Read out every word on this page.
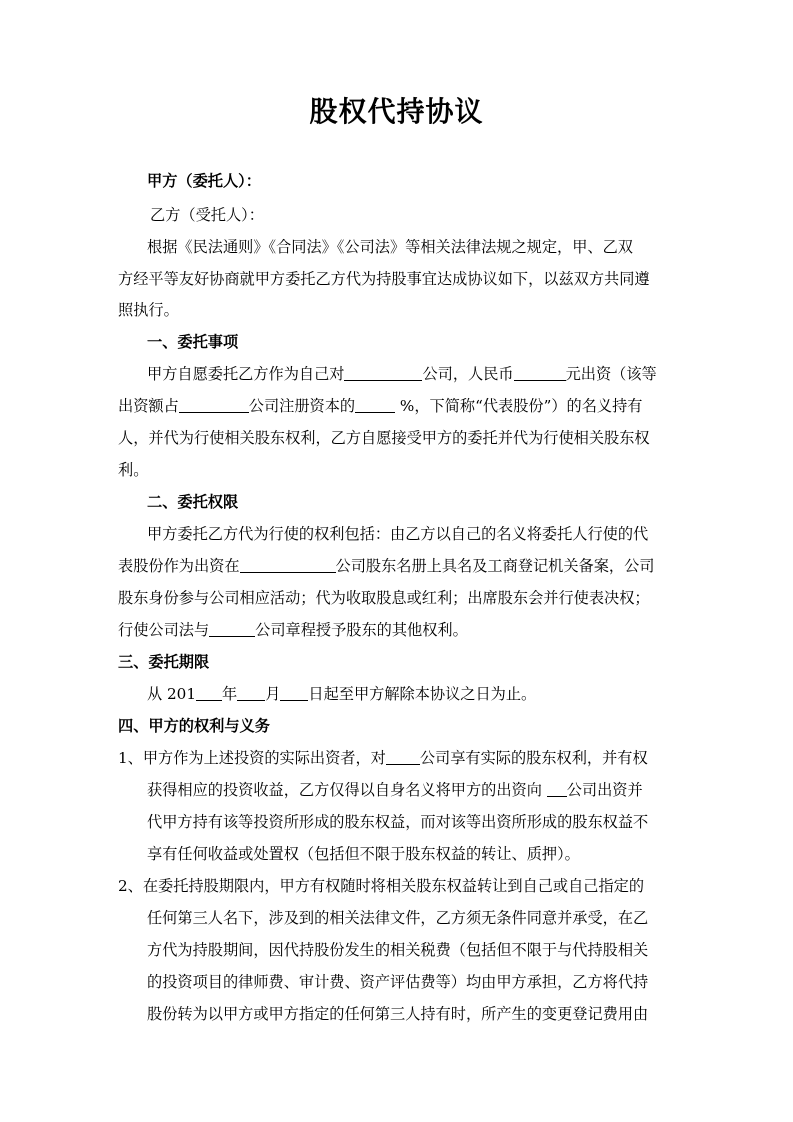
股权代持协议
甲方（委托人）：
乙方（受托人）：
根据《民法通则》《合同法》《公司法》等相关法律法规之规定，甲、乙双
方经平等友好协商就甲方委托乙方代为持股事宜达成协议如下，以兹双方共同遵
照执行。
一、委托事项
甲方自愿委托乙方作为自己对	公司，人民币	元出资（该等
出资额占	公司注册资本的	%，下简称“代表股份”）的名义持有
人，并代为行使相关股东权利，乙方自愿接受甲方的委托并代为行使相关股东权
利。
二、委托权限
甲方委托乙方代为行使的权利包括：由乙方以自己的名义将委托人行使的代
表股份作为出资在	公司股东名册上具名及工商登记机关备案，公司
股东身份参与公司相应活动；代为收取股息或红利；出席股东会并行使表决权；
行使公司法与	公司章程授予股东的其他权利。
三、委托期限
从 201 年 月 日起至甲方解除本协议之日为止。
四、甲方的权利与义务
1、甲方作为上述投资的实际出资者，对 公司享有实际的股东权利，并有权
获得相应的投资收益，乙方仅得以自身名义将甲方的出资向 公司出资并
代甲方持有该等投资所形成的股东权益，而对该等出资所形成的股东权益不
享有任何收益或处置权（包括但不限于股东权益的转让、质押）。
2、在委托持股期限内，甲方有权随时将相关股东权益转让到自己或自己指定的
任何第三人名下，涉及到的相关法律文件，乙方须无条件同意并承受，在乙
方代为持股期间，因代持股份发生的相关税费（包括但不限于与代持股相关
的投资项目的律师费、审计费、资产评估费等）均由甲方承担，乙方将代持
股份转为以甲方或甲方指定的任何第三人持有时，所产生的变更登记费用由
